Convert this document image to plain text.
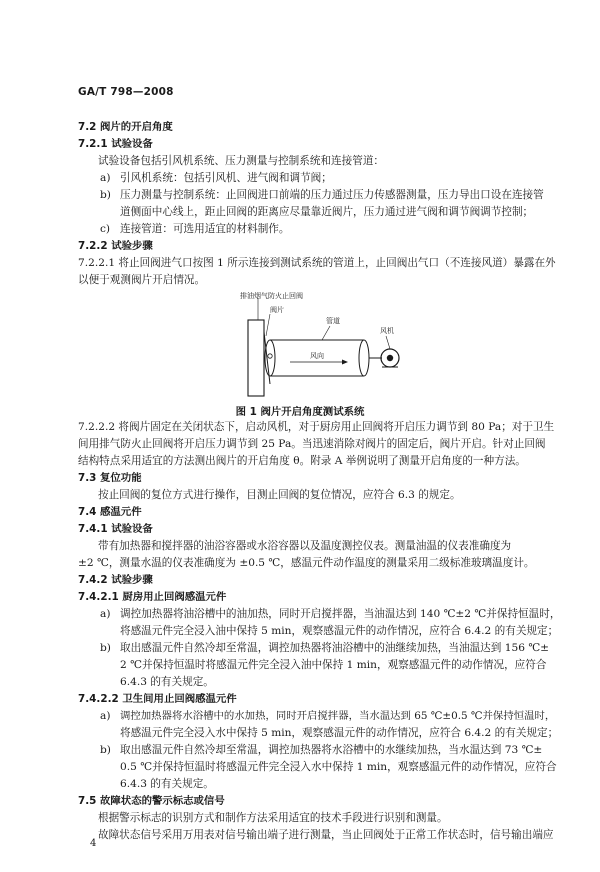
GA/T 798—2008
7.2 阀片的开启角度
7.2.1 试验设备
试验设备包括引风机系统、压力测量与控制系统和连接管道：
a) 引风机系统：包括引风机、进气阀和调节阀；
b) 压力测量与控制系统：止回阀进口前端的压力通过压力传感器测量，压力导出口设在连接管
道侧面中心线上，距止回阀的距离应尽量靠近阀片，压力通过进气阀和调节阀调节控制；
c) 连接管道：可选用适宜的材料制作。
7.2.2 试验步骤
7.2.2.1 将止回阀进气口按图 1 所示连接到测试系统的管道上，止回阀出气口（不连接风道）暴露在外
以便于观测阀片开启情况。
排油烟气防火止回阀
阀片
管道
风机
风向
图 1 阀片开启角度测试系统
7.2.2.2 将阀片固定在关闭状态下，启动风机，对于厨房用止回阀将开启压力调节到 80 Pa；对于卫生
间用排气防火止回阀将开启压力调节到 25 Pa。当迅速消除对阀片的固定后，阀片开启。针对止回阀
结构特点采用适宜的方法测出阀片的开启角度 θ。附录 A 举例说明了测量开启角度的一种方法。
7.3 复位功能
按止回阀的复位方式进行操作，目测止回阀的复位情况，应符合 6.3 的规定。
7.4 感温元件
7.4.1 试验设备
带有加热器和搅拌器的油浴容器或水浴容器以及温度测控仪表。测量油温的仪表准确度为
±2 ℃，测量水温的仪表准确度为 ±0.5 ℃，感温元件动作温度的测量采用二级标准玻璃温度计。
7.4.2 试验步骤
7.4.2.1 厨房用止回阀感温元件
a) 调控加热器将油浴槽中的油加热，同时开启搅拌器，当油温达到 140 ℃±2 ℃并保持恒温时，
将感温元件完全浸入油中保持 5 min，观察感温元件的动作情况，应符合 6.4.2 的有关规定；
b) 取出感温元件自然冷却至常温，调控加热器将油浴槽中的油继续加热，当油温达到 156 ℃±
2 ℃并保持恒温时将感温元件完全浸入油中保持 1 min，观察感温元件的动作情况，应符合
6.4.3 的有关规定。
7.4.2.2 卫生间用止回阀感温元件
a) 调控加热器将水浴槽中的水加热，同时开启搅拌器，当水温达到 65 ℃±0.5 ℃并保持恒温时，
将感温元件完全浸入水中保持 5 min，观察感温元件的动作情况，应符合 6.4.2 的有关规定；
b) 取出感温元件自然冷却至常温，调控加热器将水浴槽中的水继续加热，当水温达到 73 ℃±
0.5 ℃并保持恒温时将感温元件完全浸入水中保持 1 min，观察感温元件的动作情况，应符合
6.4.3 的有关规定。
7.5 故障状态的警示标志或信号
根据警示标志的识别方式和制作方法采用适宜的技术手段进行识别和测量。
故障状态信号采用万用表对信号输出端子进行测量，当止回阀处于正常工作状态时，信号输出端应
4
